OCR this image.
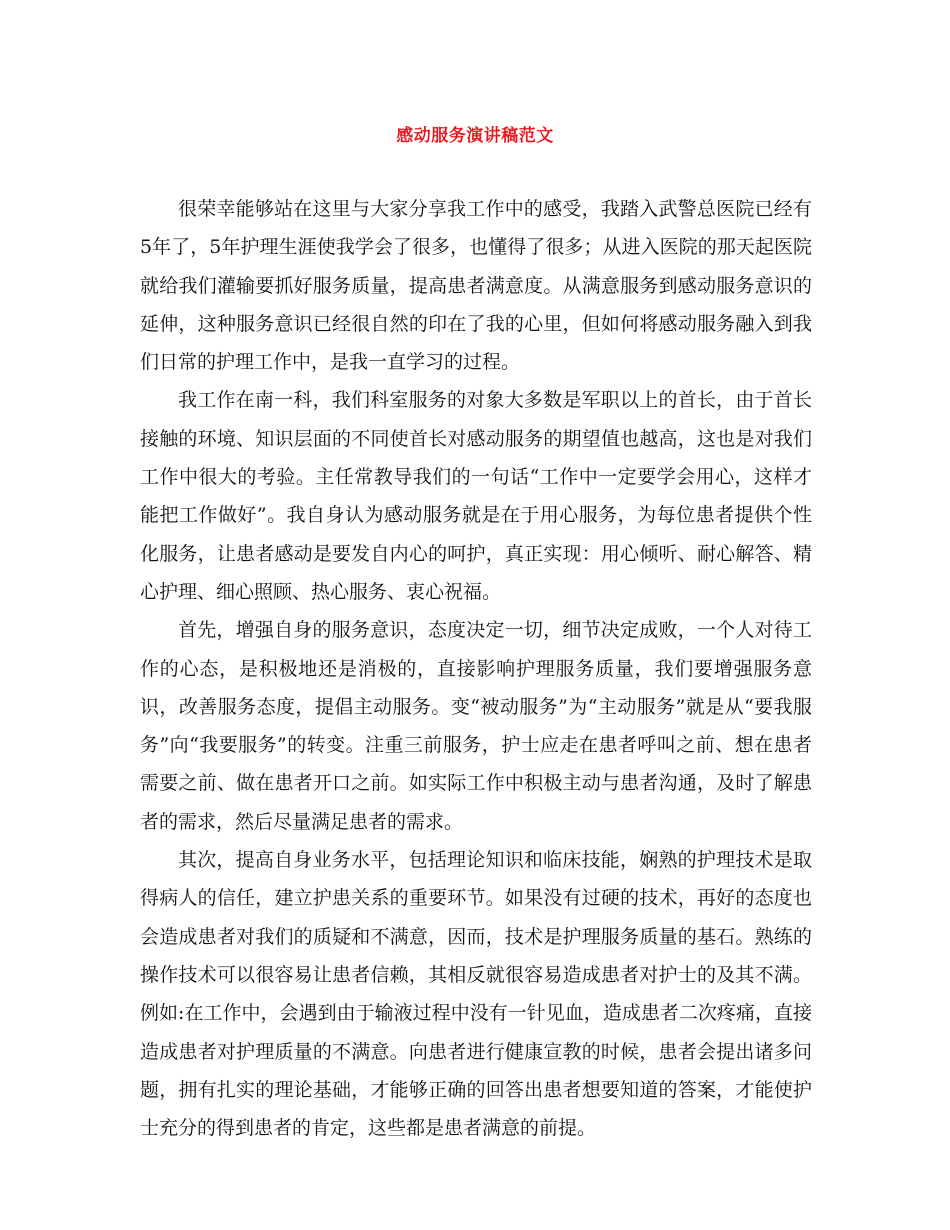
感动服务演讲稿范文

很荣幸能够站在这里与大家分享我工作中的感受，我踏入武警总医院已经有5年了，5年护理生涯使我学会了很多，也懂得了很多；从进入医院的那天起医院就给我们灌输要抓好服务质量，提高患者满意度。从满意服务到感动服务意识的延伸，这种服务意识已经很自然的印在了我的心里，但如何将感动服务融入到我们日常的护理工作中，是我一直学习的过程。

我工作在南一科，我们科室服务的对象大多数是军职以上的首长，由于首长接触的环境、知识层面的不同使首长对感动服务的期望值也越高，这也是对我们工作中很大的考验。主任常教导我们的一句话“工作中一定要学会用心，这样才能把工作做好”。我自身认为感动服务就是在于用心服务，为每位患者提供个性化服务，让患者感动是要发自内心的呵护，真正实现：用心倾听、耐心解答、精心护理、细心照顾、热心服务、衷心祝福。

首先，增强自身的服务意识，态度决定一切，细节决定成败，一个人对待工作的心态，是积极地还是消极的，直接影响护理服务质量，我们要增强服务意识，改善服务态度，提倡主动服务。变“被动服务”为“主动服务”就是从“要我服务”向“我要服务”的转变。注重三前服务，护士应走在患者呼叫之前、想在患者需要之前、做在患者开口之前。如实际工作中积极主动与患者沟通，及时了解患者的需求，然后尽量满足患者的需求。

其次，提高自身业务水平，包括理论知识和临床技能，娴熟的护理技术是取得病人的信任，建立护患关系的重要环节。如果没有过硬的技术，再好的态度也会造成患者对我们的质疑和不满意，因而，技术是护理服务质量的基石。熟练的操作技术可以很容易让患者信赖，其相反就很容易造成患者对护士的及其不满。例如:在工作中，会遇到由于输液过程中没有一针见血，造成患者二次疼痛，直接造成患者对护理质量的不满意。向患者进行健康宣教的时候，患者会提出诸多问题，拥有扎实的理论基础，才能够正确的回答出患者想要知道的答案，才能使护士充分的得到患者的肯定，这些都是患者满意的前提。
